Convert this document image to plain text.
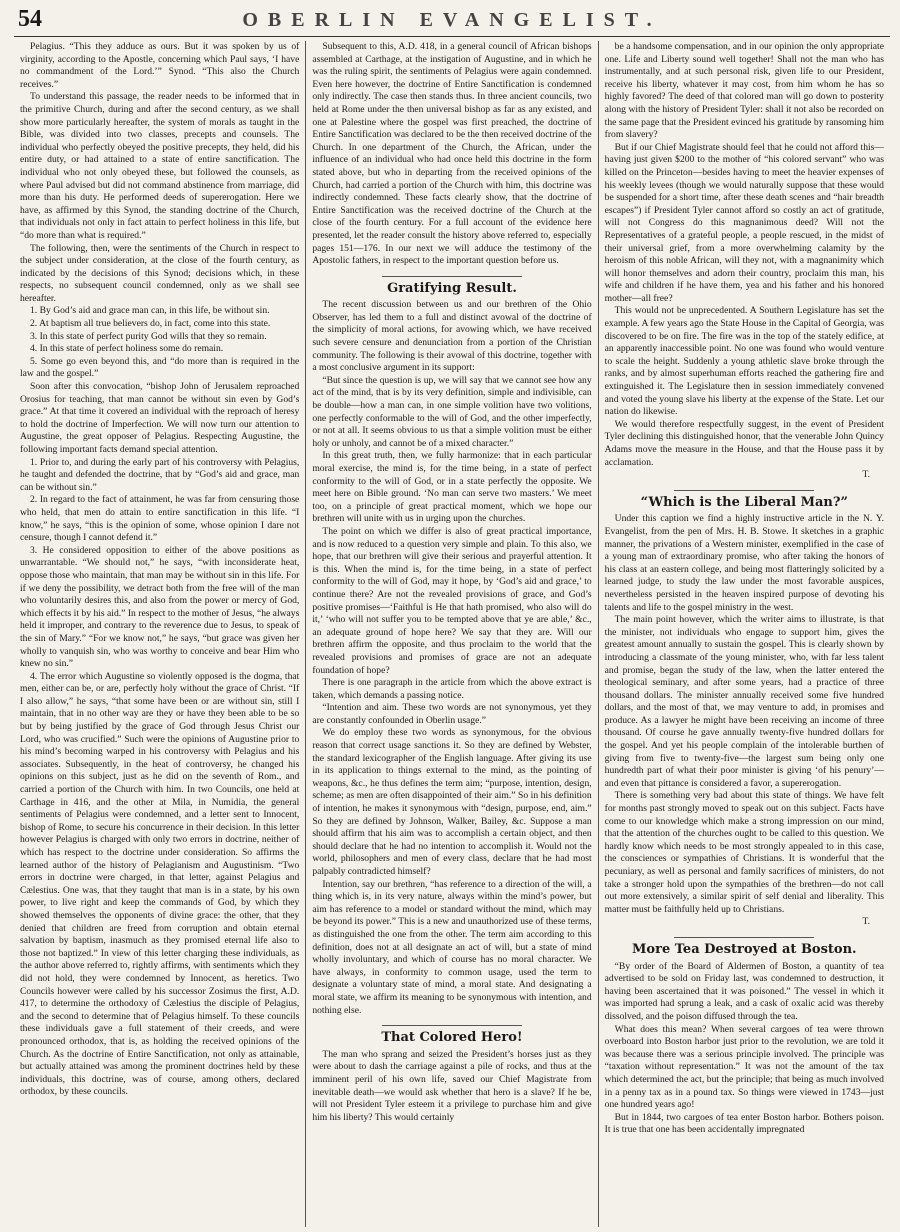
54	OBERLIN EVANGELIST.

Pelagius. “This they adduce as ours. But it was spoken by us of virginity, according to the Apostle, concerning which Paul says, ‘I have no commandment of the Lord.’” Synod. “This also the Church receives.”

To understand this passage, the reader needs to be informed that in the primitive Church, during and after the second century, as we shall show more particularly hereafter, the system of morals as taught in the Bible, was divided into two classes, precepts and counsels. The individual who perfectly obeyed the positive precepts, they held, did his entire duty, or had attained to a state of entire sanctification. The individual who not only obeyed these, but followed the counsels, as where Paul advised but did not command abstinence from marriage, did more than his duty. He performed deeds of supererogation. Here we have, as affirmed by this Synod, the standing doctrine of the Church, that individuals not only in fact attain to perfect holiness in this life, but “do more than what is required.”

The following, then, were the sentiments of the Church in respect to the subject under consideration, at the close of the fourth century, as indicated by the decisions of this Synod; decisions which, in these respects, no subsequent council condemned, only as we shall see hereafter.

1. By God’s aid and grace man can, in this life, be without sin.

2. At baptism all true believers do, in fact, come into this state.

3. In this state of perfect purity God wills that they so remain.

4. In this state of perfect holiness some do remain.

5. Some go even beyond this, and “do more than is required in the law and the gospel.”

Soon after this convocation, “bishop John of Jerusalem reproached Orosius for teaching, that man cannot be without sin even by God’s grace.” At that time it covered an individual with the reproach of heresy to hold the doctrine of Imperfection. We will now turn our attention to Augustine, the great opposer of Pelagius. Respecting Augustine, the following important facts demand special attention.

1. Prior to, and during the early part of his controversy with Pelagius, he taught and defended the doctrine, that by “God’s aid and grace, man can be without sin.”

2. In regard to the fact of attainment, he was far from censuring those who held, that men do attain to entire sanctification in this life. “I know,” he says, “this is the opinion of some, whose opinion I dare not censure, though I cannot defend it.”

3. He considered opposition to either of the above positions as unwarrantable. “We should not,” he says, “with inconsiderate heat, oppose those who maintain, that man may be without sin in this life. For if we deny the possibility, we detract both from the free will of the man who voluntarily desires this, and also from the power or mercy of God, which effects it by his aid.” In respect to the mother of Jesus, “he always held it improper, and contrary to the reverence due to Jesus, to speak of the sin of Mary.” “For we know not,” he says, “but grace was given her wholly to vanquish sin, who was worthy to conceive and bear Him who knew no sin.”

4. The error which Augustine so violently opposed is the dogma, that men, either can be, or are, perfectly holy without the grace of Christ. “If I also allow,” he says, “that some have been or are without sin, still I maintain, that in no other way are they or have they been able to be so but by being justified by the grace of God through Jesus Christ our Lord, who was crucified.” Such were the opinions of Augustine prior to his mind’s becoming warped in his controversy with Pelagius and his associates. Subsequently, in the heat of controversy, he changed his opinions on this subject, just as he did on the seventh of Rom., and carried a portion of the Church with him. In two Councils, one held at Carthage in 416, and the other at Mila, in Numidia, the general sentiments of Pelagius were condemned, and a letter sent to Innocent, bishop of Rome, to secure his concurrence in their decision. In this letter however Pelagius is charged with only two errors in doctrine, neither of which has respect to the doctrine under consideration. So affirms the learned author of the history of Pelagianism and Augustinism. “Two errors in doctrine were charged, in that letter, against Pelagius and Cælestius. One was, that they taught that man is in a state, by his own power, to live right and keep the commands of God, by which they showed themselves the opponents of divine grace: the other, that they denied that children are freed from corruption and obtain eternal salvation by baptism, inasmuch as they promised eternal life also to those not baptized.” In view of this letter charging these individuals, as the author above referred to, rightly affirms, with sentiments which they did not hold, they were condemned by Innocent, as heretics. Two Councils however were called by his successor Zosimus the first, A.D. 417, to determine the orthodoxy of Cælestius the disciple of Pelagius, and the second to determine that of Pelagius himself. To these councils these individuals gave a full statement of their creeds, and were pronounced orthodox, that is, as holding the received opinions of the Church. As the doctrine of Entire Sanctification, not only as attainable, but actually attained was among the prominent doctrines held by these individuals, this doctrine, was of course, among others, declared orthodox, by these councils.

Subsequent to this, A.D. 418, in a general council of African bishops assembled at Carthage, at the instigation of Augustine, and in which he was the ruling spirit, the sentiments of Pelagius were again condemned. Even here however, the doctrine of Entire Sanctification is condemned only indirectly. The case then stands thus. In three ancient councils, two held at Rome under the then universal bishop as far as any existed, and one at Palestine where the gospel was first preached, the doctrine of Entire Sanctification was declared to be the then received doctrine of the Church. In one department of the Church, the African, under the influence of an individual who had once held this doctrine in the form stated above, but who in departing from the received opinions of the Church, had carried a portion of the Church with him, this doctrine was indirectly condemned. These facts clearly show, that the doctrine of Entire Sanctification was the received doctrine of the Church at the close of the fourth century. For a full account of the evidence here presented, let the reader consult the history above referred to, especially pages 151—176. In our next we will adduce the testimony of the Apostolic fathers, in respect to the important question before us.

Gratifying Result.

The recent discussion between us and our brethren of the Ohio Observer, has led them to a full and distinct avowal of the doctrine of the simplicity of moral actions, for avowing which, we have received such severe censure and denunciation from a portion of the Christian community. The following is their avowal of this doctrine, together with a most conclusive argument in its support:

“But since the question is up, we will say that we cannot see how any act of the mind, that is by its very definition, simple and indivisible, can be double—how a man can, in one simple volition have two volitions, one perfectly conformable to the will of God, and the other imperfectly, or not at all. It seems obvious to us that a simple volition must be either holy or unholy, and cannot be of a mixed character.”

In this great truth, then, we fully harmonize: that in each particular moral exercise, the mind is, for the time being, in a state of perfect conformity to the will of God, or in a state perfectly the opposite. We meet here on Bible ground. ‘No man can serve two masters.’ We meet too, on a principle of great practical moment, which we hope our brethren will unite with us in urging upon the churches.

The point on which we differ is also of great practical importance, and is now reduced to a question very simple and plain. To this also, we hope, that our brethren will give their serious and prayerful attention. It is this. When the mind is, for the time being, in a state of perfect conformity to the will of God, may it hope, by ‘God’s aid and grace,’ to continue there? Are not the revealed provisions of grace, and God’s positive promises—‘Faithful is He that hath promised, who also will do it,’ ‘who will not suffer you to be tempted above that ye are able,’ &c., an adequate ground of hope here? We say that they are. Will our brethren affirm the opposite, and thus proclaim to the world that the revealed provisions and promises of grace are not an adequate foundation of hope?

There is one paragraph in the article from which the above extract is taken, which demands a passing notice.

“Intention and aim. These two words are not synonymous, yet they are constantly confounded in Oberlin usage.”

We do employ these two words as synonymous, for the obvious reason that correct usage sanctions it. So they are defined by Webster, the standard lexicographer of the English language. After giving its use in its application to things external to the mind, as the pointing of weapons, &c., he thus defines the term aim; “purpose, intention, design, scheme; as men are often disappointed of their aim.” So in his definition of intention, he makes it synonymous with “design, purpose, end, aim.” So they are defined by Johnson, Walker, Bailey, &c. Suppose a man should affirm that his aim was to accomplish a certain object, and then should declare that he had no intention to accomplish it. Would not the world, philosophers and men of every class, declare that he had most palpably contradicted himself?

Intention, say our brethren, “has reference to a direction of the will, a thing which is, in its very nature, always within the mind’s power, but aim has reference to a model or standard without the mind, which may be beyond its power.” This is a new and unauthorized use of these terms, as distinguished the one from the other. The term aim according to this definition, does not at all designate an act of will, but a state of mind wholly involuntary, and which of course has no moral character. We have always, in conformity to common usage, used the term to designate a voluntary state of mind, a moral state. And designating a moral state, we affirm its meaning to be synonymous with intention, and nothing else.

That Colored Hero!

The man who sprang and seized the President’s horses just as they were about to dash the carriage against a pile of rocks, and thus at the imminent peril of his own life, saved our Chief Magistrate from inevitable death—we would ask whether that hero is a slave? If he be, will not President Tyler esteem it a privilege to purchase him and give him his liberty? This would certainly

be a handsome compensation, and in our opinion the only appropriate one. Life and Liberty sound well together! Shall not the man who has instrumentally, and at such personal risk, given life to our President, receive his liberty, whatever it may cost, from him whom he has so highly favored? The deed of that colored man will go down to posterity along with the history of President Tyler: shall it not also be recorded on the same page that the President evinced his gratitude by ransoming him from slavery?

But if our Chief Magistrate should feel that he could not afford this—having just given $200 to the mother of “his colored servant” who was killed on the Princeton—besides having to meet the heavier expenses of his weekly levees (though we would naturally suppose that these would be suspended for a short time, after these death scenes and “hair breadth escapes”) if President Tyler cannot afford so costly an act of gratitude, will not Congress do this magnanimous deed? Will not the Representatives of a grateful people, a people rescued, in the midst of their universal grief, from a more overwhelming calamity by the heroism of this noble African, will they not, with a magnanimity which will honor themselves and adorn their country, proclaim this man, his wife and children if he have them, yea and his father and his honored mother—all free?

This would not be unprecedented. A Southern Legislature has set the example. A few years ago the State House in the Capital of Georgia, was discovered to be on fire. The fire was in the top of the stately edifice, at an apparently inaccessible point. No one was found who would venture to scale the height. Suddenly a young athletic slave broke through the ranks, and by almost superhuman efforts reached the gathering fire and extinguished it. The Legislature then in session immediately convened and voted the young slave his liberty at the expense of the State. Let our nation do likewise.

We would therefore respectfully suggest, in the event of President Tyler declining this distinguished honor, that the venerable John Quincy Adams move the measure in the House, and that the House pass it by acclamation.

T.
“Which is the Liberal Man?”

Under this caption we find a highly instructive article in the N. Y. Evangelist, from the pen of Mrs. H. B. Stowe. It sketches in a graphic manner, the privations of a Western minister, exemplified in the case of a young man of extraordinary promise, who after taking the honors of his class at an eastern college, and being most flatteringly solicited by a learned judge, to study the law under the most favorable auspices, nevertheless persisted in the heaven inspired purpose of devoting his talents and life to the gospel ministry in the west.

The main point however, which the writer aims to illustrate, is that the minister, not individuals who engage to support him, gives the greatest amount annually to sustain the gospel. This is clearly shown by introducing a classmate of the young minister, who, with far less talent and promise, began the study of the law, when the latter entered the theological seminary, and after some years, had a practice of three thousand dollars. The minister annually received some five hundred dollars, and the most of that, we may venture to add, in promises and produce. As a lawyer he might have been receiving an income of three thousand. Of course he gave annually twenty-five hundred dollars for the gospel. And yet his people complain of the intolerable burthen of giving from five to twenty-five—the largest sum being only one hundredth part of what their poor minister is giving ‘of his penury’—and even that pittance is considered a favor, a supererogation.

There is something very bad about this state of things. We have felt for months past strongly moved to speak out on this subject. Facts have come to our knowledge which make a strong impression on our mind, that the attention of the churches ought to be called to this question. We hardly know which needs to be most strongly appealed to in this case, the consciences or sympathies of Christians. It is wonderful that the pecuniary, as well as personal and family sacrifices of ministers, do not take a stronger hold upon the sympathies of the brethren—do not call out more extensively, a similar spirit of self denial and liberality. This matter must be faithfully held up to Christians.

T.
More Tea Destroyed at Boston.

“By order of the Board of Aldermen of Boston, a quantity of tea advertised to be sold on Friday last, was condemned to destruction, it having been ascertained that it was poisoned.” The vessel in which it was imported had sprung a leak, and a cask of oxalic acid was thereby dissolved, and the poison diffused through the tea.

What does this mean? When several cargoes of tea were thrown overboard into Boston harbor just prior to the revolution, we are told it was because there was a serious principle involved. The principle was “taxation without representation.” It was not the amount of the tax which determined the act, but the principle; that being as much involved in a penny tax as in a pound tax. So things were viewed in 1743—just one hundred years ago!

But in 1844, two cargoes of tea enter Boston harbor. Bothers poison. It is true that one has been accidentally impregnated
